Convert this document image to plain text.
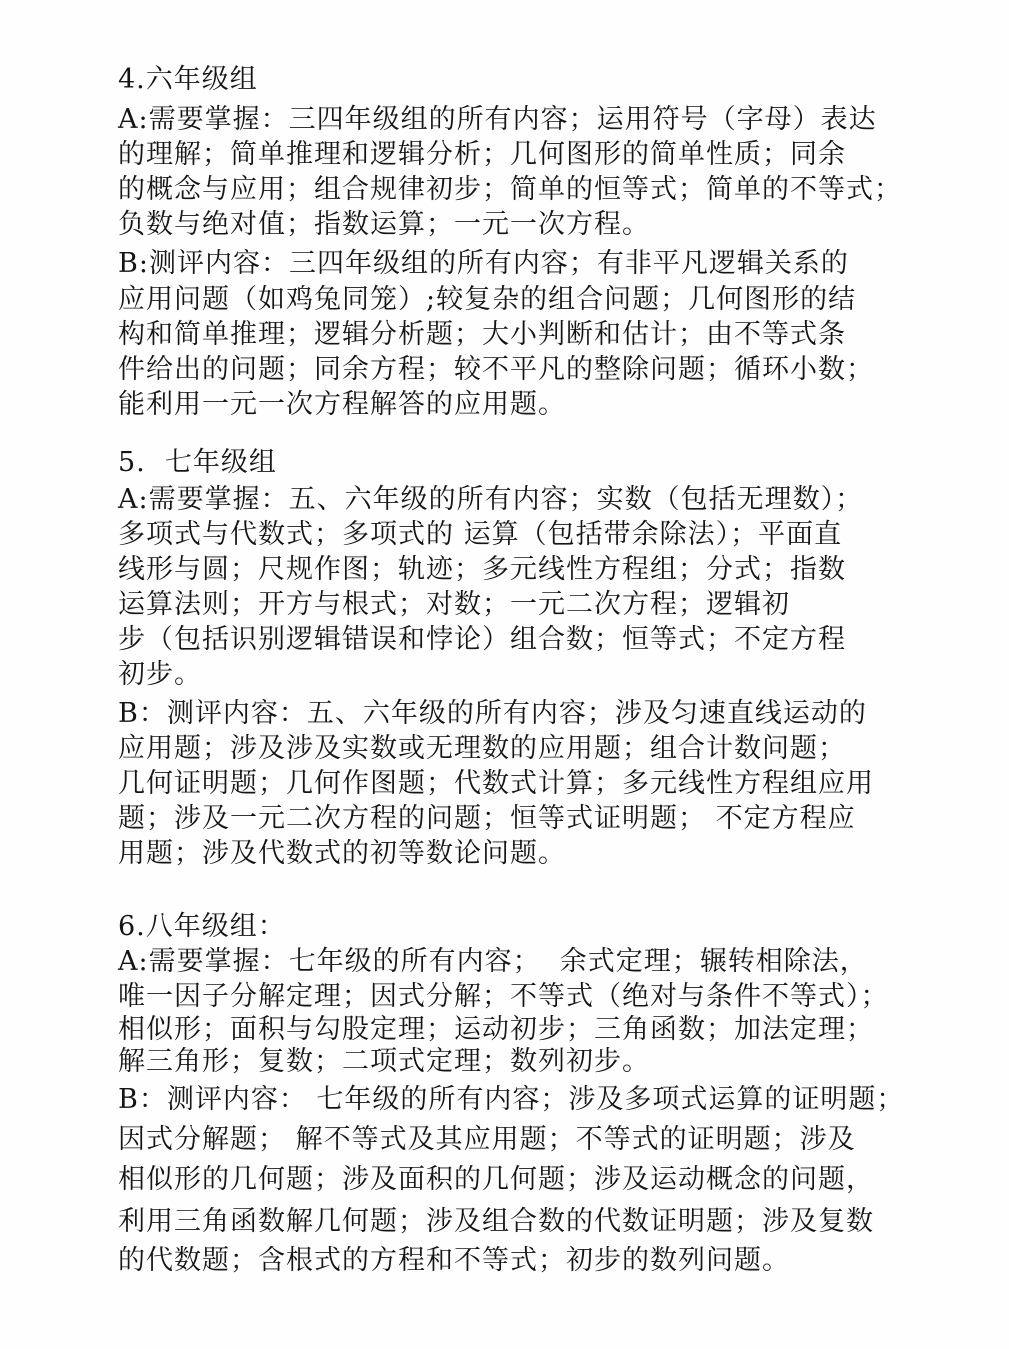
4.六年级组
A:需要掌握：三四年级组的所有内容；运用符号（字母）表达
的理解；简单推理和逻辑分析；几何图形的简单性质；同余
的概念与应用；组合规律初步；简单的恒等式；简单的不等式；
负数与绝对值；指数运算；一元一次方程。
B:测评内容：三四年级组的所有内容；有非平凡逻辑关系的
应用问题（如鸡兔同笼）;较复杂的组合问题；几何图形的结
构和简单推理；逻辑分析题；大小判断和估计；由不等式条
件给出的问题；同余方程；较不平凡的整除问题；循环小数；
能利用一元一次方程解答的应用题。
5.  七年级组
A:需要掌握：五、六年级的所有内容；实数（包括无理数）；
多项式与代数式；多项式的 运算（包括带余除法）；平面直
线形与圆；尺规作图；轨迹；多元线性方程组；分式；指数
运算法则；开方与根式；对数；一元二次方程；逻辑初
步（包括识别逻辑错误和悖论）组合数；恒等式；不定方程
初步。
B：测评内容：五、六年级的所有内容；涉及匀速直线运动的
应用题；涉及涉及实数或无理数的应用题；组合计数问题；
几何证明题；几何作图题；代数式计算；多元线性方程组应用
题；涉及一元二次方程的问题；恒等式证明题； 不定方程应
用题；涉及代数式的初等数论问题。
6.八年级组：
A:需要掌握：七年级的所有内容；  余式定理；辗转相除法，
唯一因子分解定理；因式分解；不等式（绝对与条件不等式）；
相似形；面积与勾股定理；运动初步；三角函数；加法定理；
解三角形；复数；二项式定理；数列初步。
B：测评内容： 七年级的所有内容；涉及多项式运算的证明题；
因式分解题； 解不等式及其应用题；不等式的证明题；涉及
相似形的几何题；涉及面积的几何题；涉及运动概念的问题，
利用三角函数解几何题；涉及组合数的代数证明题；涉及复数
的代数题；含根式的方程和不等式；初步的数列问题。
